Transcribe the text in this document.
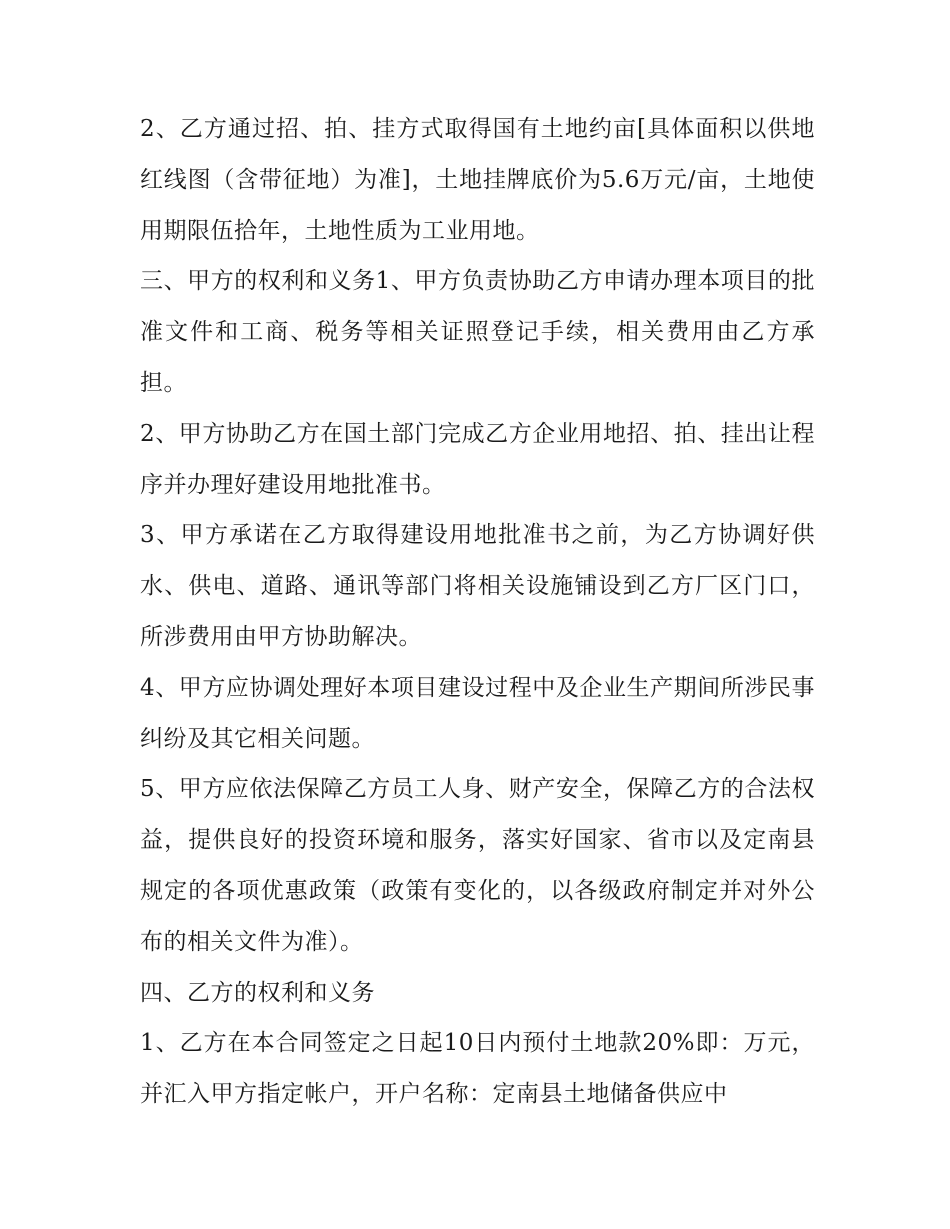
2、乙方通过招、拍、挂方式取得国有土地约亩[具体面积以供地红线图（含带征地）为准]，土地挂牌底价为5.6万元/亩，土地使用期限伍拾年，土地性质为工业用地。

三、甲方的权利和义务1、甲方负责协助乙方申请办理本项目的批准文件和工商、税务等相关证照登记手续，相关费用由乙方承担。

2、甲方协助乙方在国土部门完成乙方企业用地招、拍、挂出让程序并办理好建设用地批准书。

3、甲方承诺在乙方取得建设用地批准书之前，为乙方协调好供水、供电、道路、通讯等部门将相关设施铺设到乙方厂区门口，所涉费用由甲方协助解决。

4、甲方应协调处理好本项目建设过程中及企业生产期间所涉民事纠纷及其它相关问题。

5、甲方应依法保障乙方员工人身、财产安全，保障乙方的合法权益，提供良好的投资环境和服务，落实好国家、省市以及定南县规定的各项优惠政策（政策有变化的，以各级政府制定并对外公布的相关文件为准）。

四、乙方的权利和义务

1、乙方在本合同签定之日起10日内预付土地款20%即：万元，并汇入甲方指定帐户，开户名称：定南县土地储备供应中
